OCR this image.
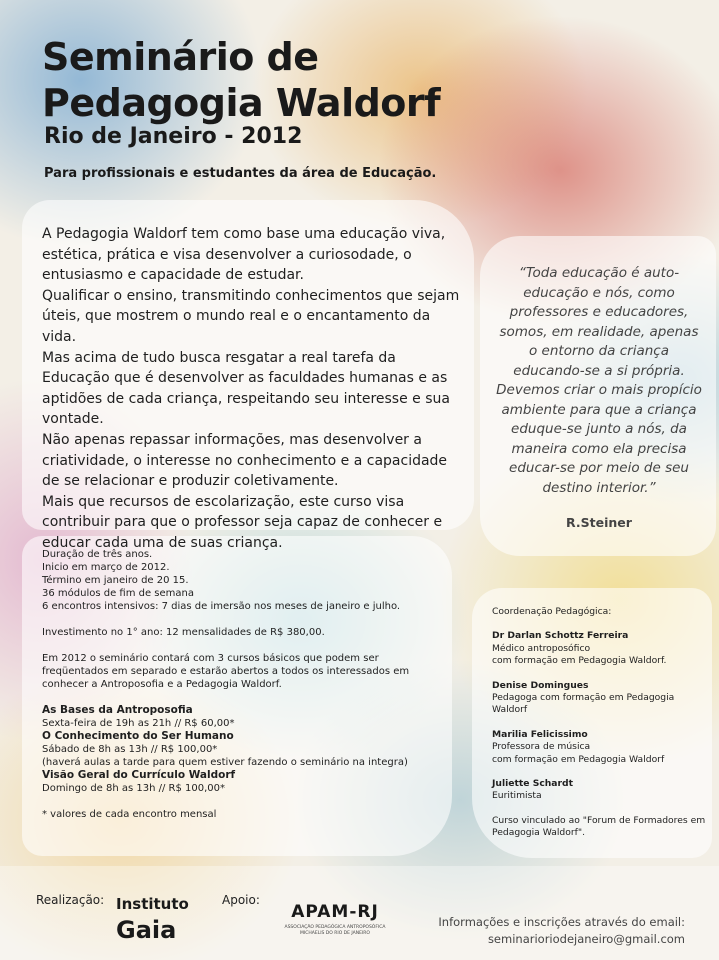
Seminário de
Pedagogia Waldorf
Rio de Janeiro - 2012

Para profissionais e estudantes da área de Educação.

A Pedagogia Waldorf tem como base uma educação viva, estética, prática e visa desenvolver a curiosodade, o entusiasmo e capacidade de estudar.

Qualificar o ensino, transmitindo conhecimentos que sejam úteis, que mostrem o mundo real e o encantamento da vida.

Mas acima de tudo busca resgatar a real tarefa da Educação que é desenvolver as faculdades humanas e as aptidões de cada criança, respeitando seu interesse e sua vontade.

Não apenas repassar informações, mas desenvolver a criatividade, o interesse no conhecimento e a capacidade de se relacionar e produzir coletivamente.

Mais que recursos de escolarização, este curso visa contribuir para que o professor seja capaz de conhecer e educar cada uma de suas criança.

“Toda educação é auto-educação e nós, como professores e educadores, somos, em realidade, apenas o entorno da criança educando-se a si própria. Devemos criar o mais propício ambiente para que a criança eduque-se junto a nós, da maneira como ela precisa educar-se por meio de seu destino interior.”
R.Steiner

Duração de três anos.

Inicio em março de 2012.

Término em janeiro de 20 15.

36 módulos de fim de semana

6 encontros intensivos: 7 dias de imersão nos meses de janeiro e julho.

Investimento no 1° ano: 12 mensalidades de R$ 380,00.

Em 2012 o seminário contará com 3 cursos básicos que podem ser freqüentados em separado e estarão abertos a todos os interessados em conhecer a Antroposofia e a Pedagogia Waldorf.

As Bases da Antroposofia

Sexta-feira de 19h as 21h // R$ 60,00*

O Conhecimento do Ser Humano

Sábado de 8h as 13h // R$ 100,00*

(haverá aulas a tarde para quem estiver fazendo o seminário na integra)

Visão Geral do Currículo Waldorf

Domingo de 8h as 13h // R$ 100,00*

* valores de cada encontro mensal

Coordenação Pedagógica:

Dr Darlan Schottz Ferreira

Médico antroposófico

com formação em Pedagogia Waldorf.

Denise Domingues

Pedagoga com formação em Pedagogia Waldorf

Marilia Felicissimo

Professora de música

com formação em Pedagogia Waldorf

Juliette Schardt

Euritimista

Curso vinculado ao "Forum de Formadores em Pedagogia Waldorf".

Realização: Instituto
Gaia
Apoio:
APAM-RJ
ASSOCIAÇÃO PEDAGÓGICA ANTROPOSÓFICA MICHAELIS DO RIO DE JANEIRO
Informações e inscrições através do email:
seminarioriodejaneiro@gmail.com
